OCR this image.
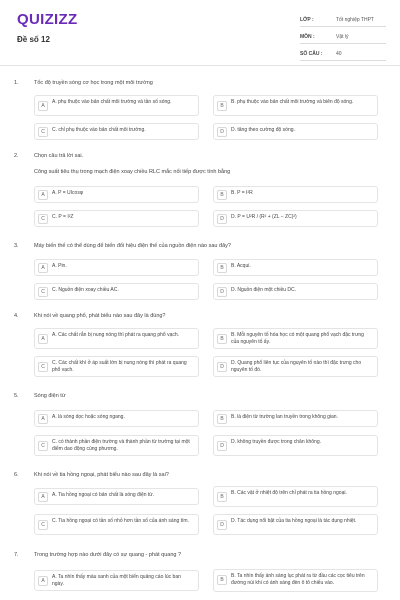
QUIZIZZ
Đề số 12
LỚP :	Tốt nghiệp THPT
MÔN :	Vật lý
SỐ CÂU :	40
1.	Tốc độ truyền sóng cơ học trong một môi trường
A
A. phụ thuộc vào bản chất môi trường và tần số sóng.
B
B. phụ thuộc vào bản chất môi trường và biên độ sóng.
C	C. chỉ phụ thuộc vào bản chất môi trường.	D	D. tăng theo cường độ sóng.
2.	Chọn câu trả lời sai.
Công suất tiêu thụ trong mạch điện xoay chiều RLC mắc nối tiếp được tính bằng
A	A. P = UIcosφ	B	B. P = I²R
C	C. P = I²Z	D	D. P = U²R / (R² + (ZL − ZC)²)
3.	Máy biến thế có thể dùng để biến đổi hiệu điện thế của nguồn điện nào sau đây?
A	A. Pin.	B	B. Acqui.
C	C. Nguồn điện xoay chiều AC.	D	D. Nguồn điện một chiều DC.
4.	Khi nói về quang phổ, phát biểu nào sau đây là đúng?
A
A. Các chất rắn bị nung nóng thì phát ra quang phổ vạch.
B
B. Mỗi nguyên tố hóa học có một quang phổ vạch đặc trưng của nguyên tố ấy.
C
C. Các chất khí ở áp suất lớn bị nung nóng thì phát ra quang phổ vạch.	D
D. Quang phổ liên tục của nguyên tố nào thì đặc trưng cho nguyên tố đó.
5.	Sóng điện từ
A	A. là sóng dọc hoặc sóng ngang.	B	B. là điện từ trường lan truyền trong không gian.
C
C. có thành phần điện trường và thành phần từ trường tại một điểm dao động cùng phương.	D
D. không truyền được trong chân không.
6.	Khi nói về tia hồng ngoại, phát biểu nào sau đây là sai?
A	A. Tia hồng ngoại có bản chất là sóng điện từ.	B
B. Các vật ở nhiệt độ trên chỉ phát ra tia hồng ngoại.
C
C. Tia hồng ngoại có tần số nhỏ hơn tần số của ánh sáng tím.
D
D. Tác dụng nổi bật của tia hồng ngoại là tác dụng nhiệt.
7.	Trong trường hợp nào dưới đây có sự quang - phát quang ?
A
A. Ta nhìn thấy màu xanh của một biển quảng cáo lúc ban ngày.
B
B. Ta nhìn thấy ánh sáng lục phát ra từ đầu các cọc tiêu trên đường núi khi có ánh sáng đèn ô tô chiếu vào.
